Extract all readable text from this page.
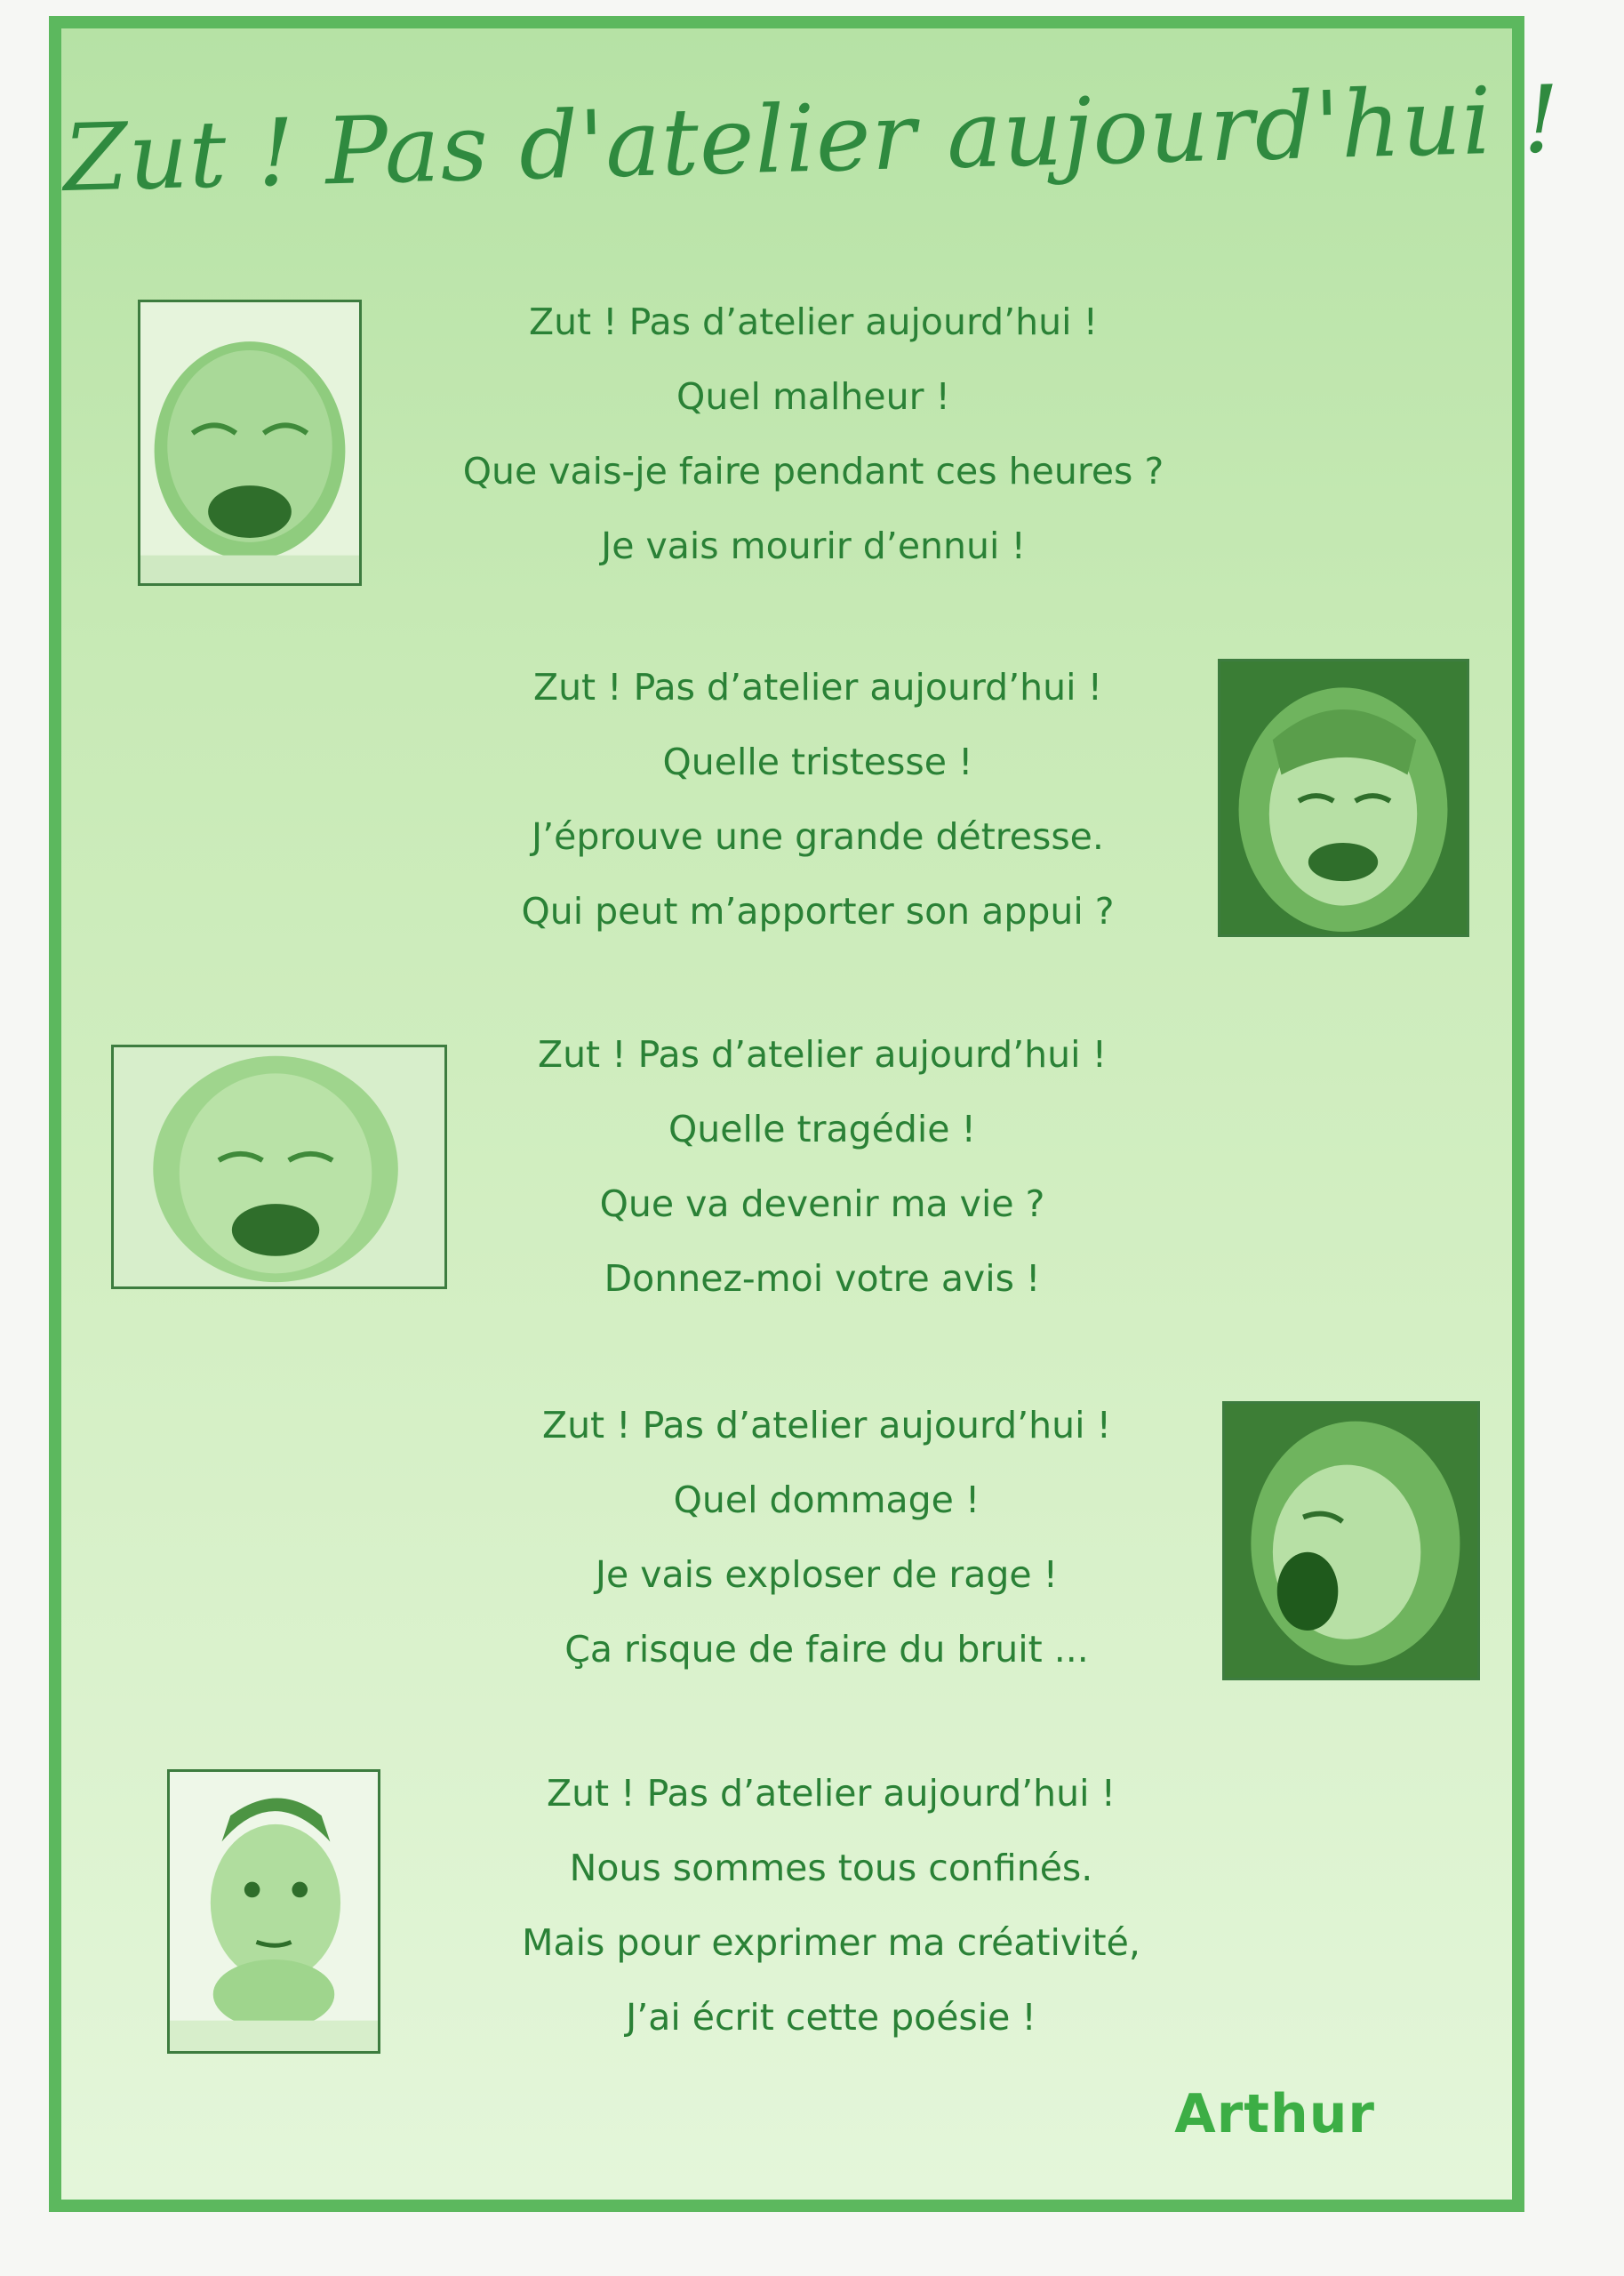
Zut ! Pas d'atelier aujourd'hui !
Zut ! Pas d’atelier aujourd’hui !
Quel malheur !
Que vais-je faire pendant ces heures ?
Je vais mourir d’ennui !
Zut ! Pas d’atelier aujourd’hui !
Quelle tristesse !
J’éprouve une grande détresse.
Qui peut m’apporter son appui ?
Zut ! Pas d’atelier aujourd’hui !
Quelle tragédie !
Que va devenir ma vie ?
Donnez-moi votre avis !
Zut ! Pas d’atelier aujourd’hui !
Quel dommage !
Je vais exploser de rage !
Ça risque de faire du bruit ...
Zut ! Pas d’atelier aujourd’hui !
Nous sommes tous confinés.
Mais pour exprimer ma créativité,
J’ai écrit cette poésie !
Arthur
